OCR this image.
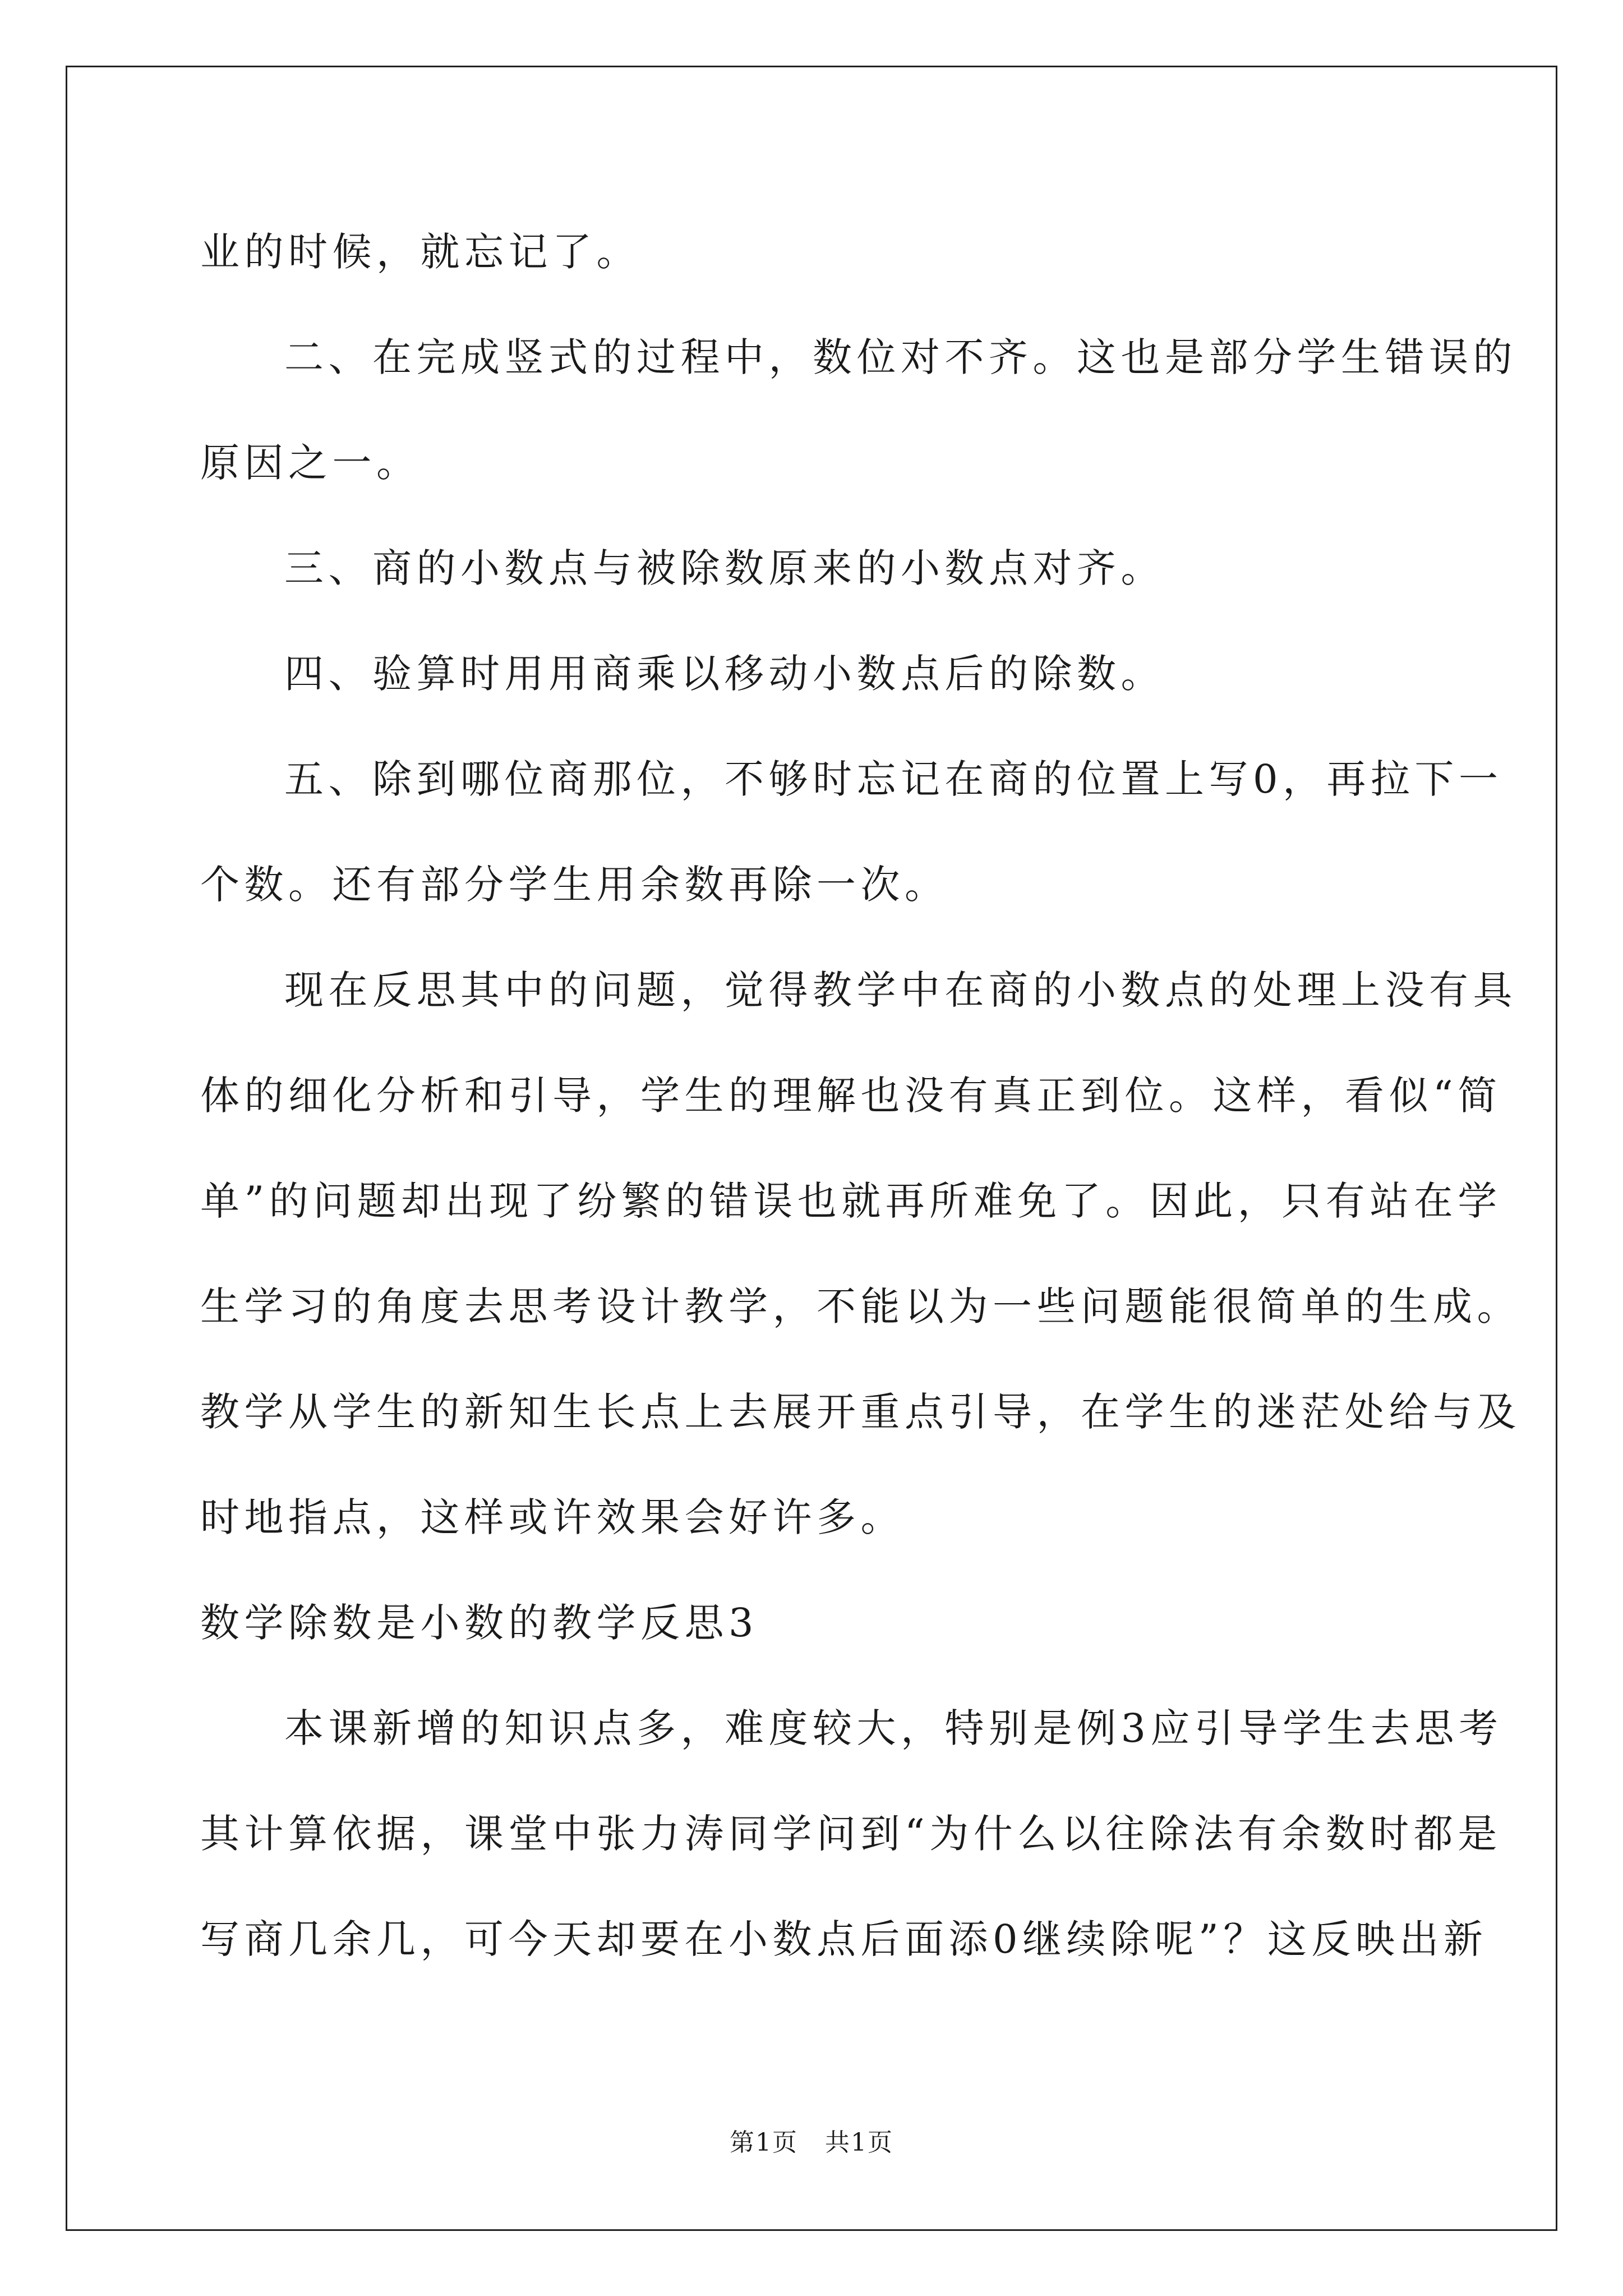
业的时候，就忘记了。
二、在完成竖式的过程中，数位对不齐。这也是部分学生错误的
原因之一。
三、商的小数点与被除数原来的小数点对齐。
四、验算时用用商乘以移动小数点后的除数。
五、除到哪位商那位，不够时忘记在商的位置上写0，再拉下一
个数。还有部分学生用余数再除一次。
现在反思其中的问题，觉得教学中在商的小数点的处理上没有具
体的细化分析和引导，学生的理解也没有真正到位。这样，看似“简
单”的问题却出现了纷繁的错误也就再所难免了。因此，只有站在学
生学习的角度去思考设计教学，不能以为一些问题能很简单的生成。
教学从学生的新知生长点上去展开重点引导，在学生的迷茫处给与及
时地指点，这样或许效果会好许多。
数学除数是小数的教学反思3
本课新增的知识点多，难度较大，特别是例3应引导学生去思考
其计算依据，课堂中张力涛同学问到“为什么以往除法有余数时都是
写商几余几，可今天却要在小数点后面添0继续除呢”？这反映出新
第1页   共1页
